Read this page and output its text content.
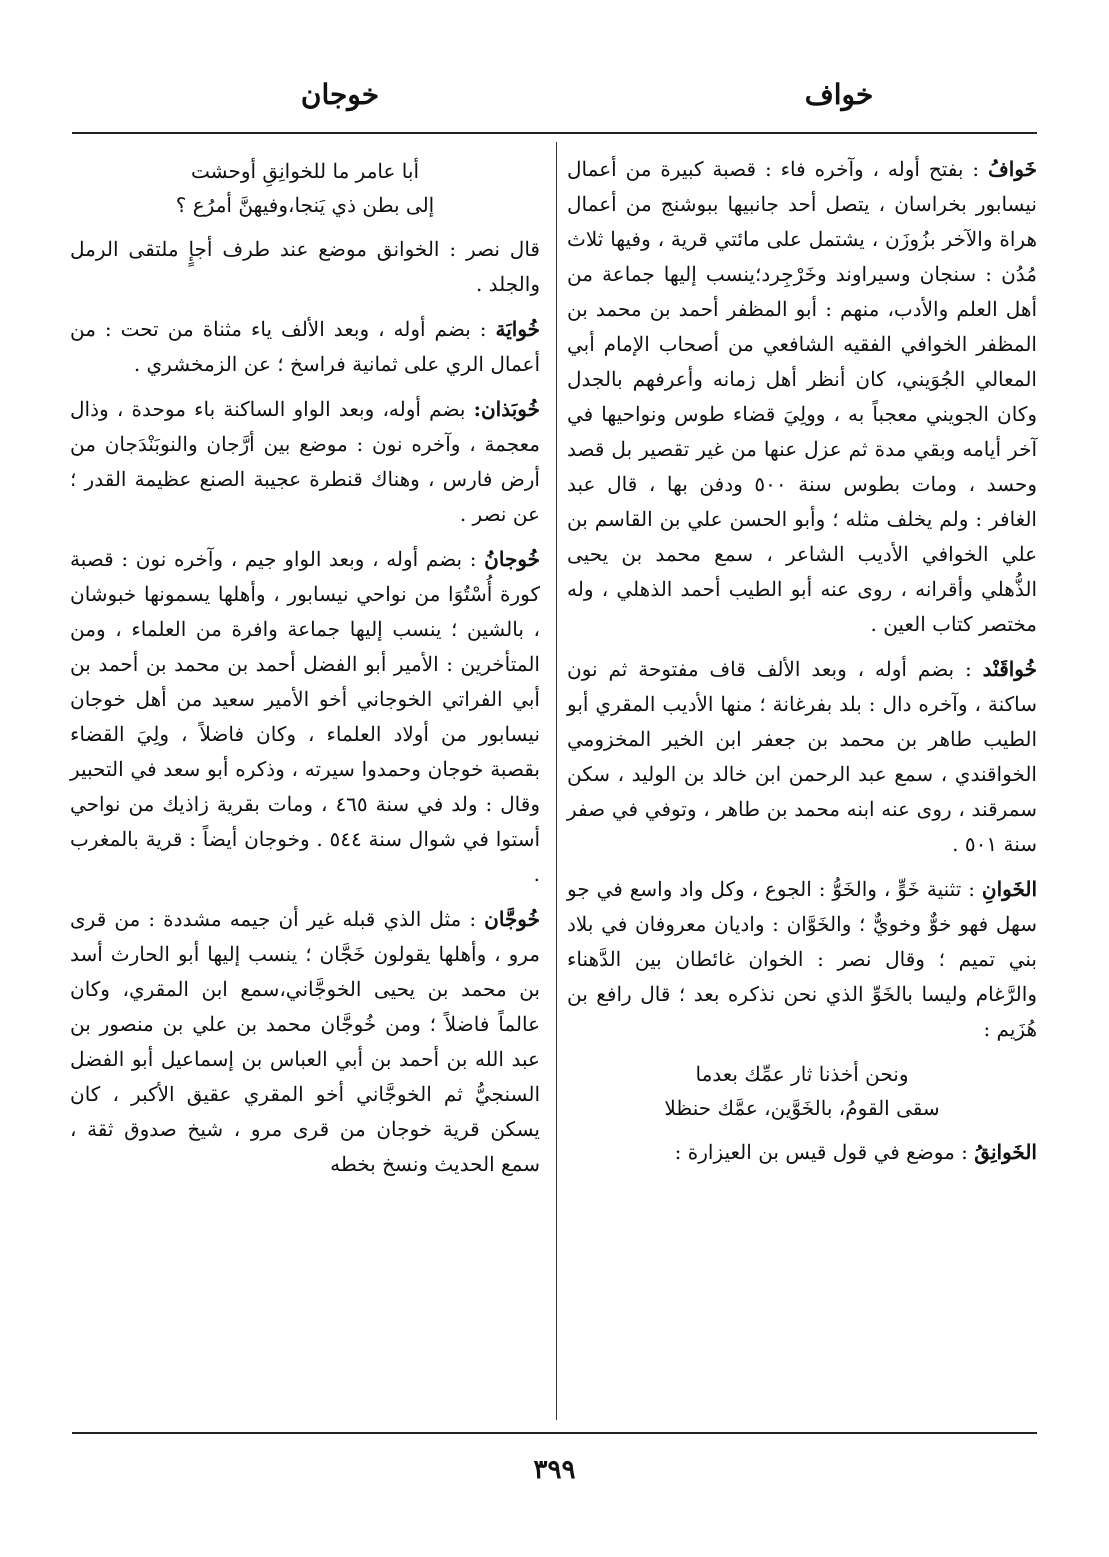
خواف
خوجان

خَوافُ : بفتح أوله ، وآخره فاء : قصبة كبيرة من أعمال نيسابور بخراسان ، يتصل أحد جانبيها ببوشنج من أعمال هراة والآخر بزُوزَن ، يشتمل على مائتي قرية ، وفيها ثلاث مُدُن : سنجان وسيراوند وخَرْجِرد؛ينسب إليها جماعة من أهل العلم والأدب، منهم : أبو المظفر أحمد بن محمد بن المظفر الخوافي الفقيه الشافعي من أصحاب الإمام أبي المعالي الجُوَيني، كان أنظر أهل زمانه وأعرفهم بالجدل وكان الجويني معجباً به ، وولِيَ قضاء طوس ونواحيها في آخر أيامه وبقي مدة ثم عزل عنها من غير تقصير بل قصد وحسد ، ومات بطوس سنة ٥٠٠ ودفن بها ، قال عبد الغافر : ولم يخلف مثله ؛ وأبو الحسن علي بن القاسم بن علي الخوافي الأديب الشاعر ، سمع محمد بن يحيى الذُّهلي وأقرانه ، روى عنه أبو الطيب أحمد الذهلي ، وله مختصر كتاب العين .

خُواقَنْد : بضم أوله ، وبعد الألف قاف مفتوحة ثم نون ساكنة ، وآخره دال : بلد بفرغانة ؛ منها الأديب المقري أبو الطيب طاهر بن محمد بن جعفر ابن الخير المخزومي الخواقندي ، سمع عبد الرحمن ابن خالد بن الوليد ، سكن سمرقند ، روى عنه ابنه محمد بن طاهر ، وتوفي في صفر سنة ٥٠١ .

الخَوانِ : تثنية خَوٍّ ، والخَوُّ : الجوع ، وكل واد واسع في جو سهل فهو خوٌّ وخويٌّ ؛ والخَوَّان : واديان معروفان في بلاد بني تميم ؛ وقال نصر : الخوان غائطان بين الدَّهناء والرَّغام وليسا بالخَوِّ الذي نحن نذكره بعد ؛ قال رافع بن هُزَيم :

ونحن أخذنا ثار عمِّك بعدما
سقى القومُ، بالخَوَّين، عمَّك حنظلا

الخَوانِقُ : موضع في قول قيس بن العيزارة :

أبا عامر ما للخوانِقِ أوحشت
إلى بطن ذي يَنجا،وفيهنَّ أمرُع ؟

قال نصر : الخوانق موضع عند طرف أجإٍ ملتقى الرمل والجلد .

خُوايَة : بضم أوله ، وبعد الألف ياء مثناة من تحت : من أعمال الري على ثمانية فراسخ ؛ عن الزمخشري .

خُوبَذان: بضم أوله، وبعد الواو الساكنة باء موحدة ، وذال معجمة ، وآخره نون : موضع بين أرَّجان والنوبَنْدَجان من أرض فارس ، وهناك قنطرة عجيبة الصنع عظيمة القدر ؛ عن نصر .

خُوجانُ : بضم أوله ، وبعد الواو جيم ، وآخره نون : قصبة كورة أُسْتُوَا من نواحي نيسابور ، وأهلها يسمونها خبوشان ، بالشين ؛ ينسب إليها جماعة وافرة من العلماء ، ومن المتأخرين : الأمير أبو الفضل أحمد بن محمد بن أحمد بن أبي الفراتي الخوجاني أخو الأمير سعيد من أهل خوجان نيسابور من أولاد العلماء ، وكان فاضلاً ، ولِيَ القضاء بقصبة خوجان وحمدوا سيرته ، وذكره أبو سعد في التحبير وقال : ولد في سنة ٤٦٥ ، ومات بقرية زاذيك من نواحي أستوا في شوال سنة ٥٤٤ . وخوجان أيضاً : قرية بالمغرب .

خُوجَّان : مثل الذي قبله غير أن جيمه مشددة : من قرى مرو ، وأهلها يقولون خَجَّان ؛ ينسب إليها أبو الحارث أسد بن محمد بن يحيى الخوجَّاني،سمع ابن المقري، وكان عالماً فاضلاً ؛ ومن خُوجَّان محمد بن علي بن منصور بن عبد الله بن أحمد بن أبي العباس بن إسماعيل أبو الفضل السنجيُّ ثم الخوجَّاني أخو المقري عقيق الأكبر ، كان يسكن قرية خوجان من قرى مرو ، شيخ صدوق ثقة ، سمع الحديث ونسخ بخطه

٣٩٩
